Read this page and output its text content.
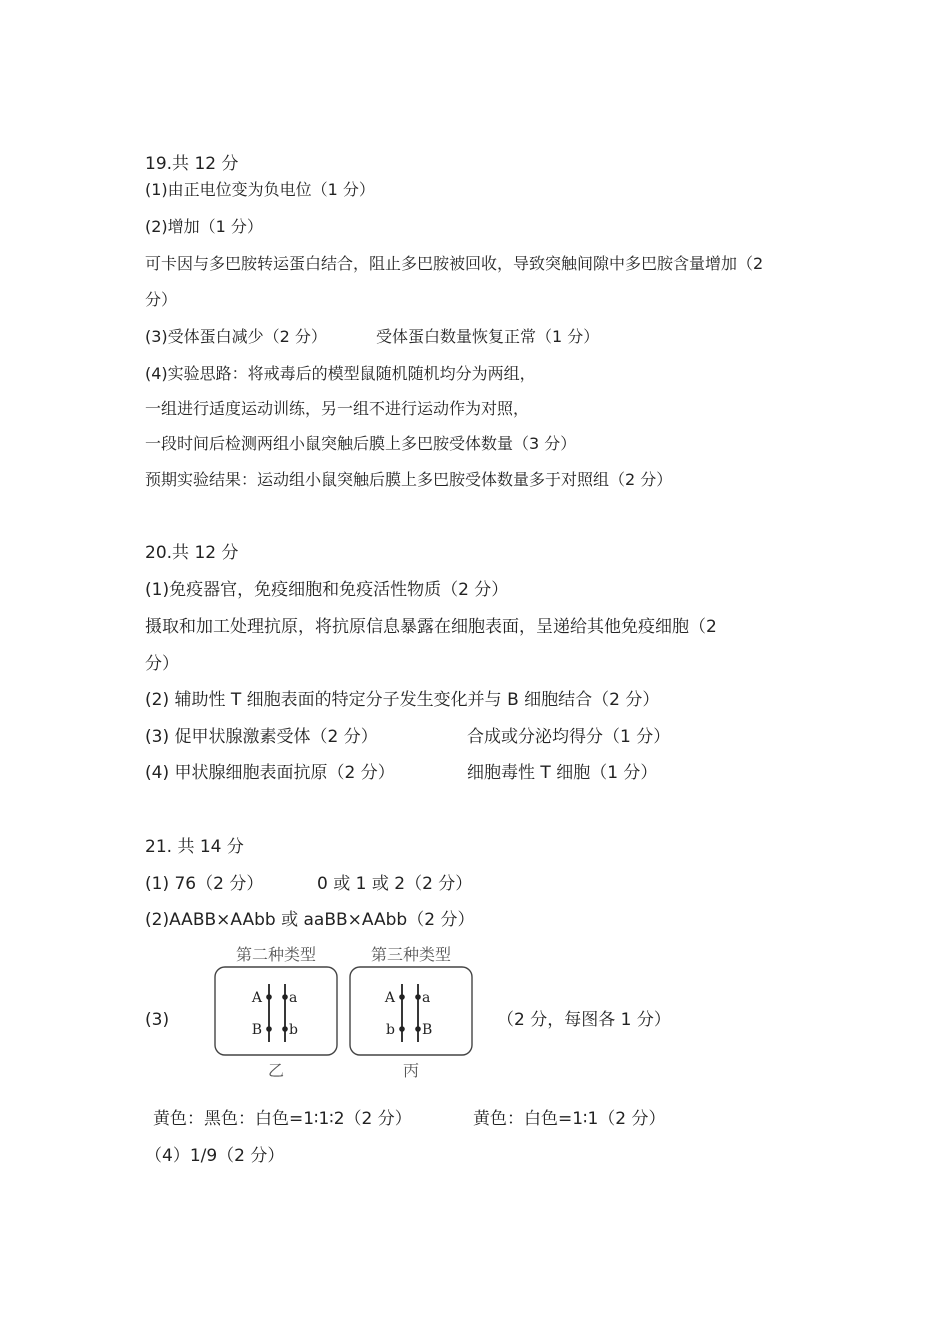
19.共 12 分
(1)由正电位变为负电位（1 分）
(2)增加（1 分）
可卡因与多巴胺转运蛋白结合，阻止多巴胺被回收，导致突触间隙中多巴胺含量增加（2
分）
(3)受体蛋白减少（2 分）	受体蛋白数量恢复正常（1 分）
(4)实验思路：将戒毒后的模型鼠随机随机均分为两组，
一组进行适度运动训练，另一组不进行运动作为对照，
一段时间后检测两组小鼠突触后膜上多巴胺受体数量（3 分）
预期实验结果：运动组小鼠突触后膜上多巴胺受体数量多于对照组（2 分）
20.共 12 分
(1)免疫器官，免疫细胞和免疫活性物质（2 分）
摄取和加工处理抗原，将抗原信息暴露在细胞表面，呈递给其他免疫细胞（2
分）
(2) 辅助性 T 细胞表面的特定分子发生变化并与 B 细胞结合（2 分）
(3) 促甲状腺激素受体（2 分）	合成或分泌均得分（1 分）
(4) 甲状腺细胞表面抗原（2 分）	细胞毒性 T 细胞（1 分）
21. 共 14 分
(1) 76（2 分）	0 或 1 或 2（2 分）
(2)AABB×AAbb 或 aaBB×AAbb（2 分）
(3)
第二种类型
A a
B b
乙
第三种类型
A a
b B
丙
（2 分，每图各 1 分）
黄色：黑色：白色=1∶1∶2（2 分）	黄色：白色=1∶1（2 分）
（4）1/9（2 分）
